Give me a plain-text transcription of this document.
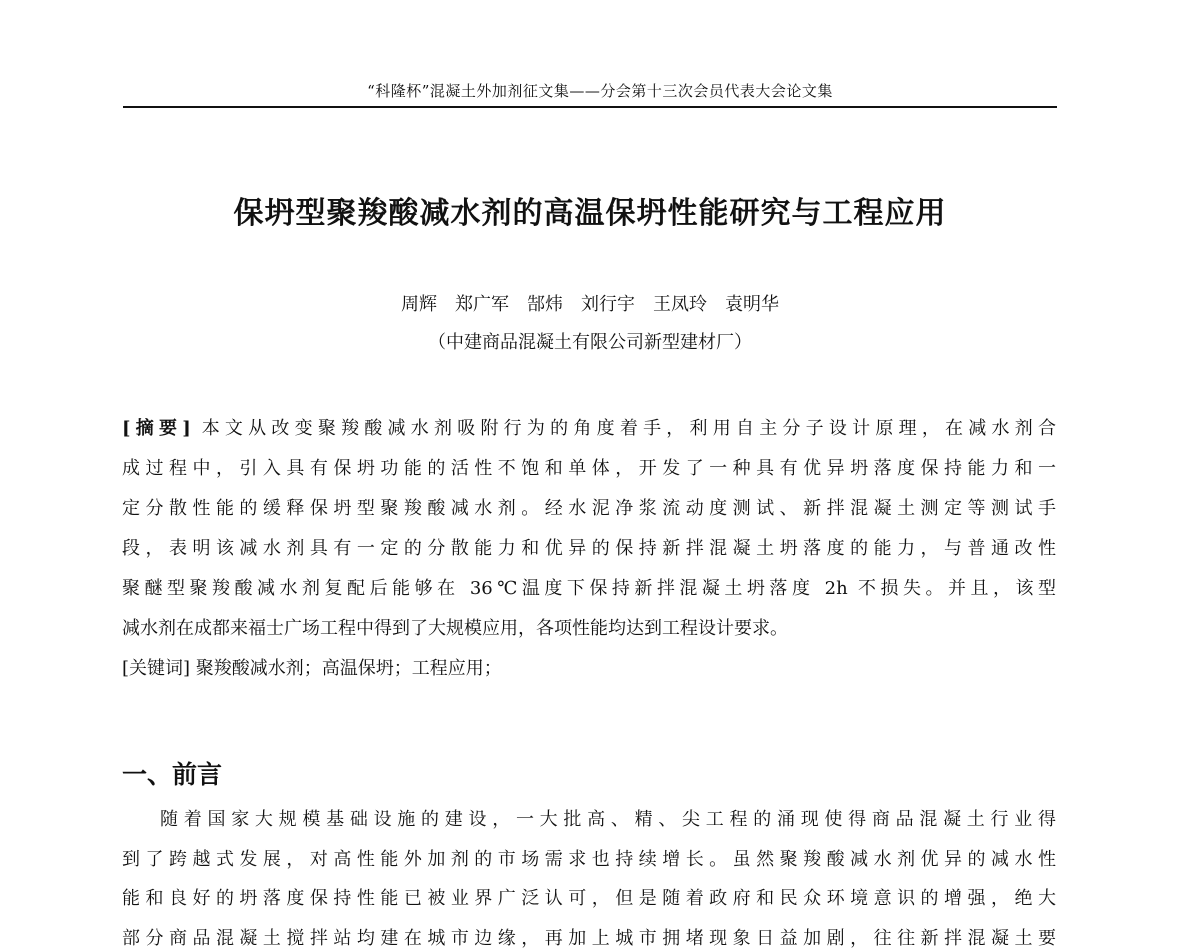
“科隆杯”混凝土外加剂征文集——分会第十三次会员代表大会论文集
保坍型聚羧酸减水剂的高温保坍性能研究与工程应用
周辉　郑广军　郜炜　刘行宇　王凤玲　袁明华
（中建商品混凝土有限公司新型建材厂）
[摘要] 本文从改变聚羧酸减水剂吸附行为的角度着手，利用自主分子设计原理，在减水剂合
成过程中，引入具有保坍功能的活性不饱和单体，开发了一种具有优异坍落度保持能力和一
定分散性能的缓释保坍型聚羧酸减水剂。经水泥净浆流动度测试、新拌混凝土测定等测试手
段，表明该减水剂具有一定的分散能力和优异的保持新拌混凝土坍落度的能力，与普通改性
聚醚型聚羧酸减水剂复配后能够在 36℃温度下保持新拌混凝土坍落度 2h 不损失。并且，该型
减水剂在成都来福士广场工程中得到了大规模应用，各项性能均达到工程设计要求。
[关键词] 聚羧酸减水剂；高温保坍；工程应用；
一、前言
随着国家大规模基础设施的建设，一大批高、精、尖工程的涌现使得商品混凝土行业得
到了跨越式发展，对高性能外加剂的市场需求也持续增长。虽然聚羧酸减水剂优异的减水性
能和良好的坍落度保持性能已被业界广泛认可，但是随着政府和民众环境意识的增强，绝大
部分商品混凝土搅拌站均建在城市边缘，再加上城市拥堵现象日益加剧，往往新拌混凝土要
